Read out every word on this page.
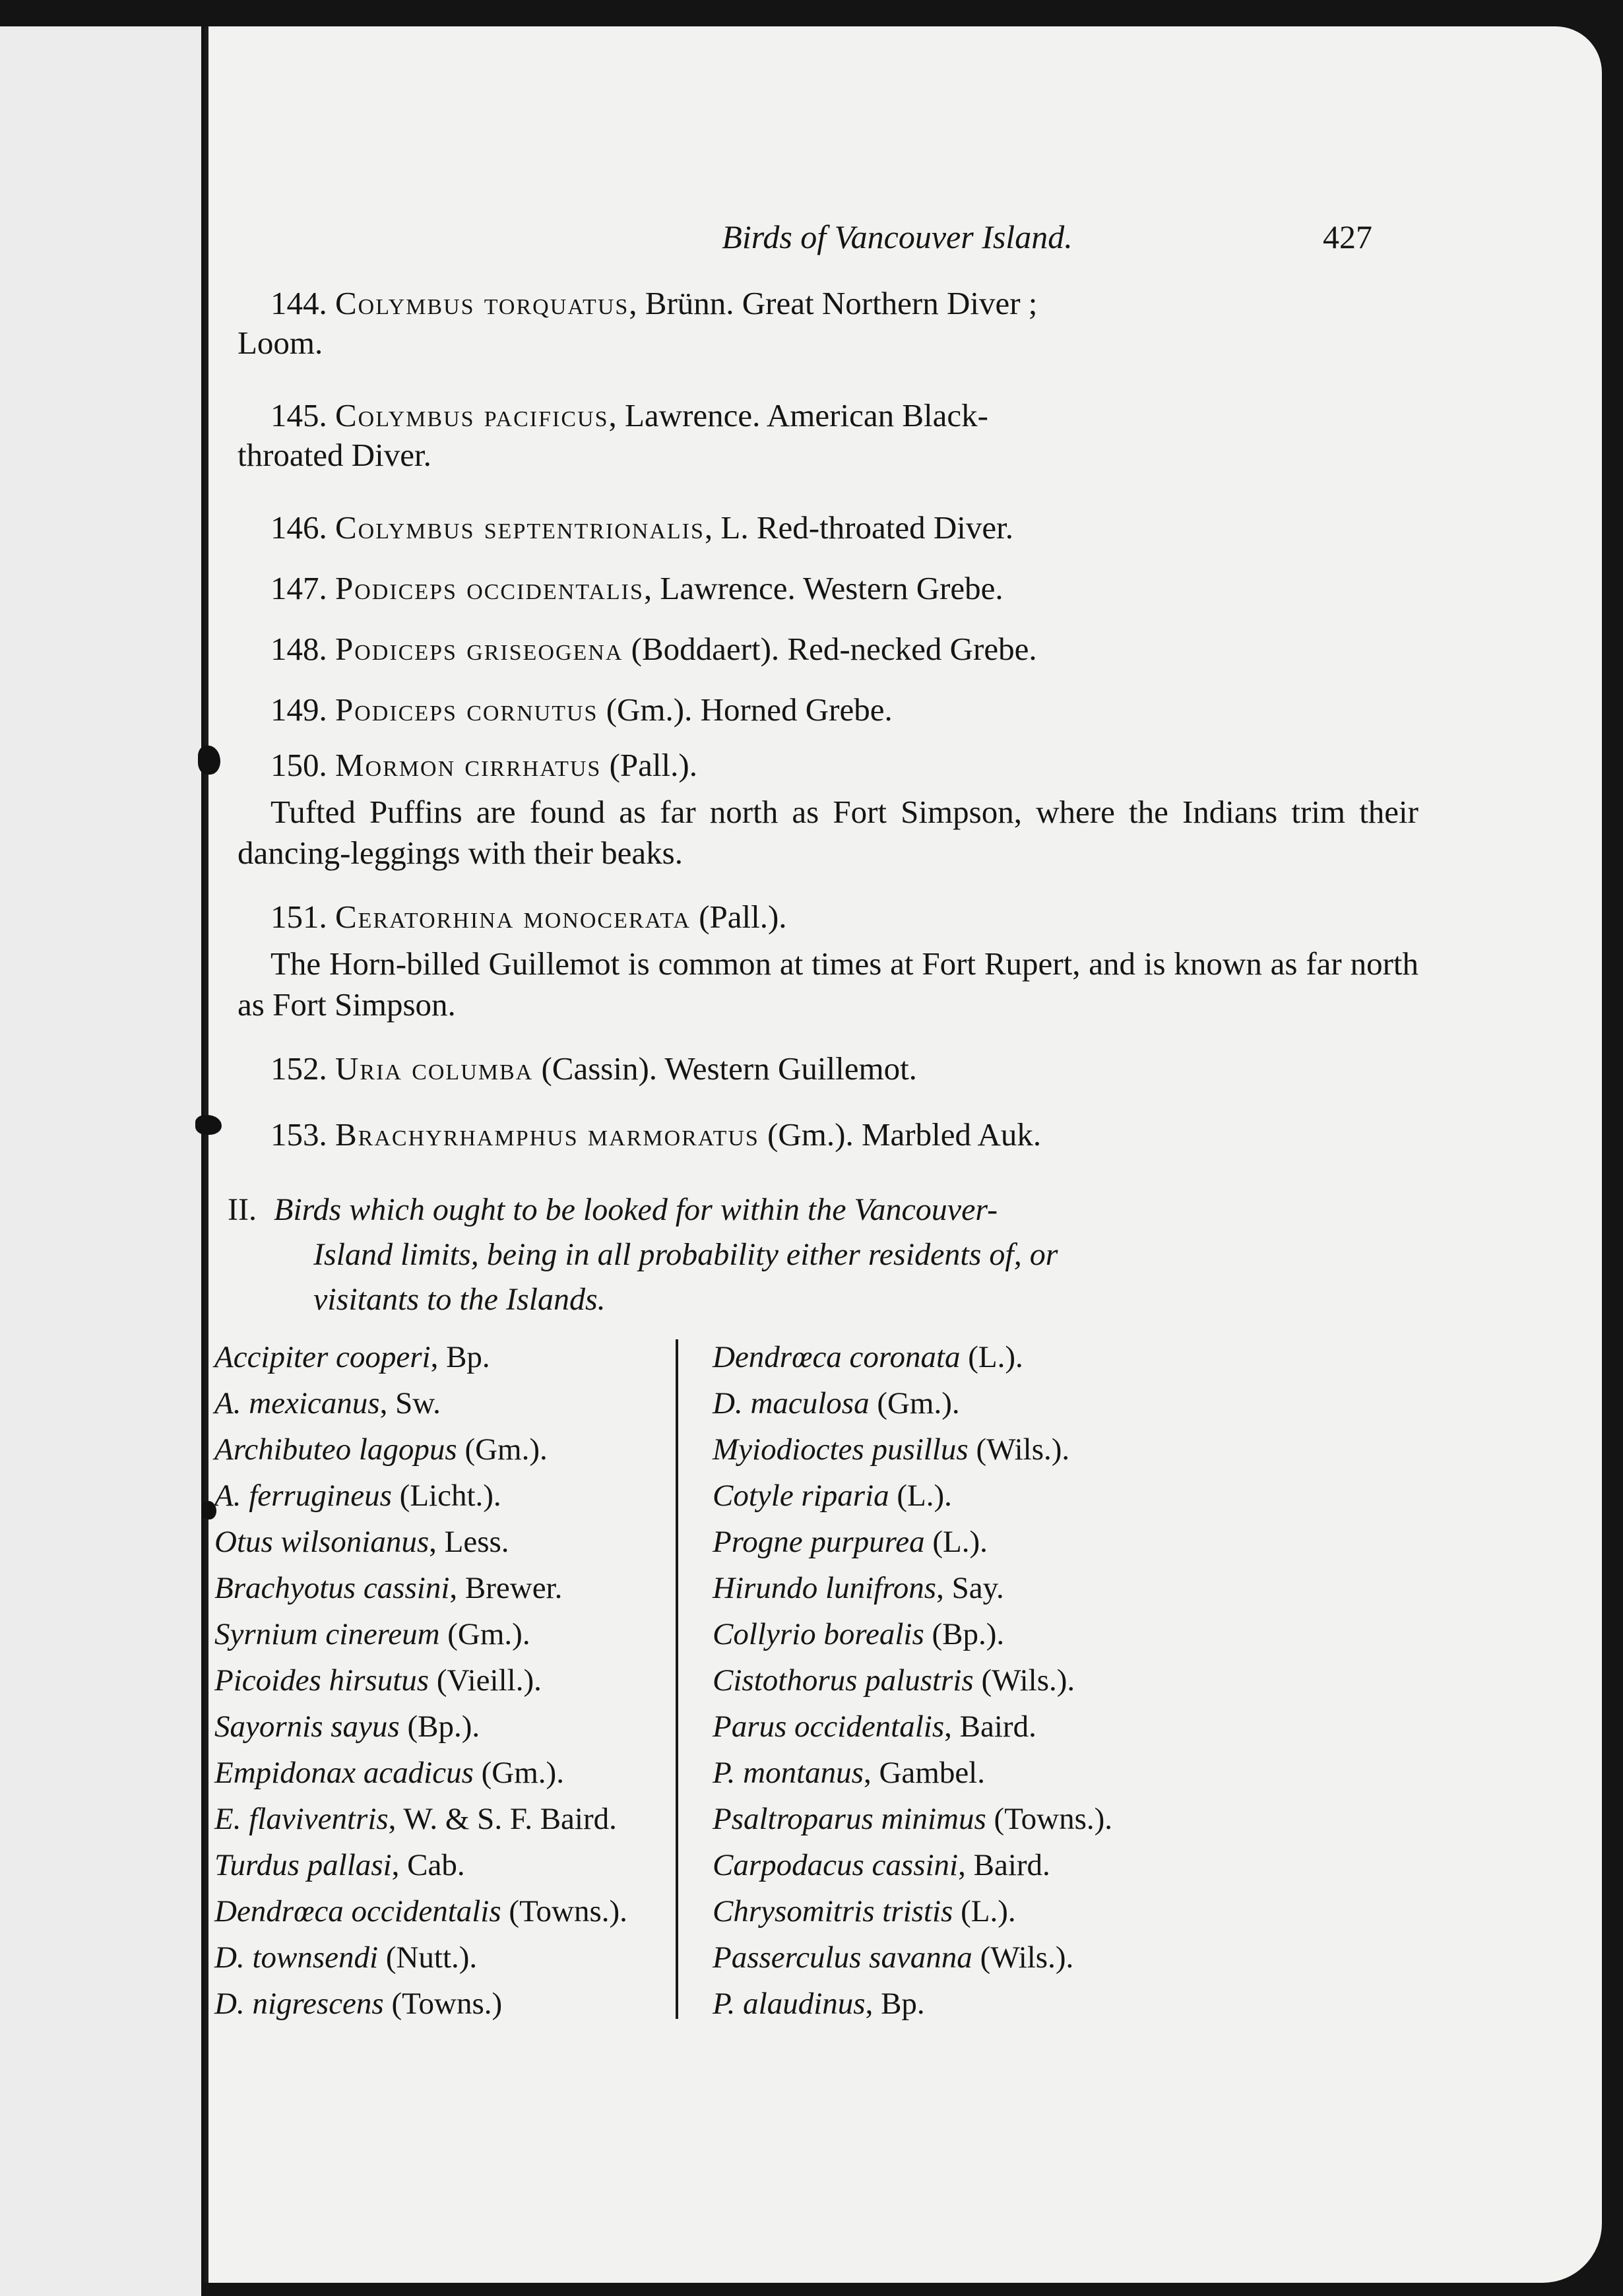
Birds of Vancouver Island.	427
144. Colymbus torquatus, Brünn. Great Northern Diver ;
Loom.
145. Colymbus pacificus, Lawrence. American Black-
throated Diver.
146. Colymbus septentrionalis, L. Red-throated Diver.
147. Podiceps occidentalis, Lawrence. Western Grebe.
148. Podiceps griseogena (Boddaert). Red-necked Grebe.
149. Podiceps cornutus (Gm.). Horned Grebe.
150. Mormon cirrhatus (Pall.).
Tufted Puffins are found as far north as Fort Simpson, where the Indians trim their dancing-leggings with their beaks.
151. Ceratorhina monocerata (Pall.).
The Horn-billed Guillemot is common at times at Fort Rupert, and is known as far north as Fort Simpson.
152. Uria columba (Cassin). Western Guillemot.
153. Brachyrhamphus marmoratus (Gm.). Marbled Auk.
II. Birds which ought to be looked for within the Vancouver-
Island limits, being in all probability either residents of, or
visitants to the Islands.
Accipiter cooperi, Bp.
A. mexicanus, Sw.
Archibuteo lagopus (Gm.).
A. ferrugineus (Licht.).
Otus wilsonianus, Less.
Brachyotus cassini, Brewer.
Syrnium cinereum (Gm.).
Picoides hirsutus (Vieill.).
Sayornis sayus (Bp.).
Empidonax acadicus (Gm.).
E. flaviventris, W. & S. F. Baird.
Turdus pallasi, Cab.
Dendrœca occidentalis (Towns.).
D. townsendi (Nutt.).
D. nigrescens (Towns.)
Dendrœca coronata (L.).
D. maculosa (Gm.).
Myiodioctes pusillus (Wils.).
Cotyle riparia (L.).
Progne purpurea (L.).
Hirundo lunifrons, Say.
Collyrio borealis (Bp.).
Cistothorus palustris (Wils.).
Parus occidentalis, Baird.
P. montanus, Gambel.
Psaltroparus minimus (Towns.).
Carpodacus cassini, Baird.
Chrysomitris tristis (L.).
Passerculus savanna (Wils.).
P. alaudinus, Bp.
